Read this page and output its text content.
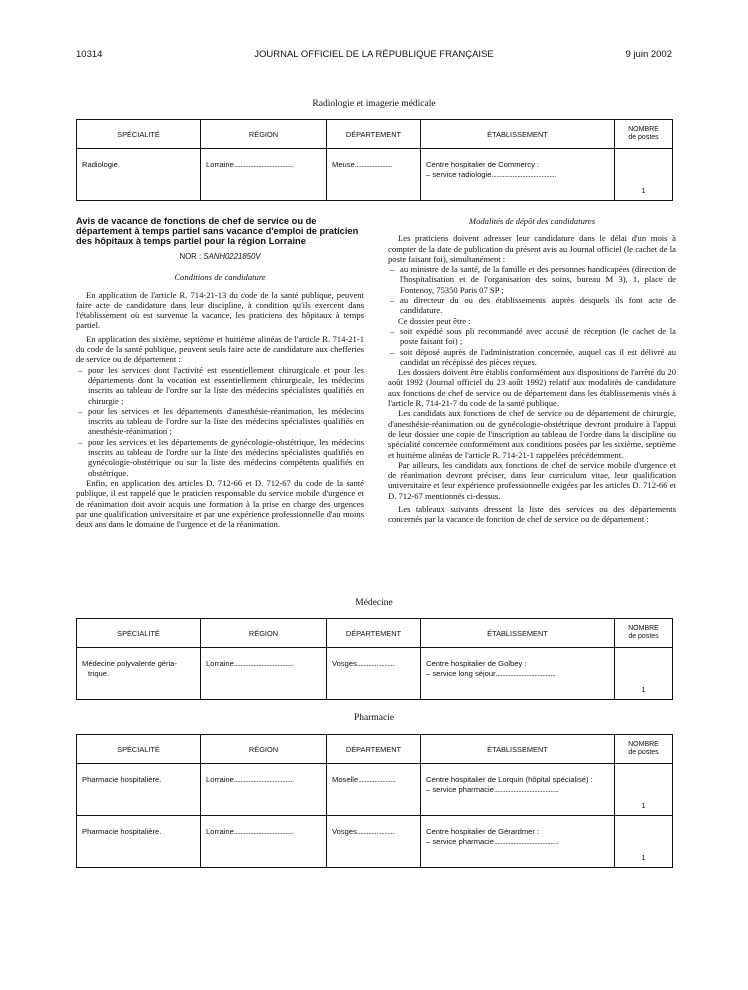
10314	JOURNAL OFFICIEL DE LA RÉPUBLIQUE FRANÇAISE	9 juin 2002
Radiologie et imagerie médicale
SPÉCIALITÉ	RÉGION	DÉPARTEMENT	ÉTABLISSEMENT	NOMBRE
de postes
Radiologie.	Lorraine.....................................	Meuse.......................	Centre hospitalier de Commercy :
– service radiologie........................................	1

Avis de vacance de fonctions de chef de service ou de département à temps partiel sans vacance d'emploi de praticien des hôpitaux à temps partiel pour la région Lorraine

NOR : SANH0221850V

Conditions de candidature

En application de l'article R. 714-21-13 du code de la santé publique, peuvent faire acte de candidature dans leur discipline, à condition qu'ils exercent dans l'établissement où est survenue la vacance, les praticiens des hôpitaux à temps partiel.

En application des sixième, septième et huitième alinéas de l'article R. 714-21-1 du code de la santé publique, peuvent seuls faire acte de candidature aux chefferies de service ou de département :

– pour les services dont l'activité est essentiellement chirurgicale et pour les départements dont la vocation est essentiellement chirurgicale, les médecins inscrits au tableau de l'ordre sur la liste des médecins spécialistes qualifiés en chirurgie ;
– pour les services et les départements d'anesthésie-réanimation, les médecins inscrits au tableau de l'ordre sur la liste des médecins spécialistes qualifiés en anesthésie-réanimation ;
– pour les services et les départements de gynécologie-obstétrique, les médecins inscrits au tableau de l'ordre sur la liste des médecins spécialistes qualifiés en gynécologie-obstétrique ou sur la liste des médecins compétents qualifiés en obstétrique.

Enfin, en application des articles D. 712-66 et D. 712-67 du code de la santé publique, il est rappelé que le praticien responsable du service mobile d'urgence et de réanimation doit avoir acquis une formation à la prise en charge des urgences par une qualification universitaire et par une expérience professionnelle d'au moins deux ans dans le domaine de l'urgence et de la réanimation.

Modalités de dépôt des candidatures

Les praticiens doivent adresser leur candidature dans le délai d'un mois à compter de la date de publication du présent avis au Journal officiel (le cachet de la poste faisant foi), simultanément :

– au ministre de la santé, de la famille et des personnes handicapées (direction de l'hospitalisation et de l'organisation des soins, bureau M 3), 1, place de Fontenoy, 75350 Paris 07 SP ;
– au directeur du ou des établissements auprès desquels ils font acte de candidature.

Ce dossier peut être :

– soit expédié sous pli recommandé avec accusé de réception (le cachet de la poste faisant foi) ;
– soit déposé auprès de l'administration concernée, auquel cas il est délivré au candidat un récépissé des pièces reçues.

Les dossiers doivent être établis conformément aux dispositions de l'arrêté du 20 août 1992 (Journal officiel du 23 août 1992) relatif aux modalités de candidature aux fonctions de chef de service ou de département dans les établissements visés à l'article R. 714-21-7 du code de la santé publique.

Les candidats aux fonctions de chef de service ou de département de chirurgie, d'anesthésie-réanimation ou de gynécologie-obstétrique devront produire à l'appui de leur dossier une copie de l'inscription au tableau de l'ordre dans la discipline ou spécialité concernée conformément aux conditions posées par les sixième, septième et huitième alinéas de l'article R. 714-21-1 rappelées précédemment.

Par ailleurs, les candidats aux fonctions de chef de service mobile d'urgence et de réanimation devront préciser, dans leur curriculum vitae, leur qualification universitaire et leur expérience professionnelle exigées par les articles D. 712-66 et D. 712-67 mentionnés ci-dessus.

Les tableaux suivants dressent la liste des services ou des départements concernés par la vacance de fonction de chef de service ou de département :

Médecine
SPÉCIALITÉ	RÉGION	DÉPARTEMENT	ÉTABLISSEMENT	NOMBRE
de postes
Médecine polyvalente géria-
trique.	Lorraine.....................................	Vosges.......................	Centre hospitalier de Golbey :
– service long séjour.....................................	1
Pharmacie
SPÉCIALITÉ	RÉGION	DÉPARTEMENT	ÉTABLISSEMENT	NOMBRE
de postes
Pharmacie hospitalière.	Lorraine.....................................	Moselle.......................	Centre hospitalier de Lorquin (hôpital spécialisé) :
– service pharmacie........................................	1
Pharmacie hospitalière.	Lorraine.....................................	Vosges.......................	Centre hospitalier de Gérardmer :
– service pharmacie........................................	1
